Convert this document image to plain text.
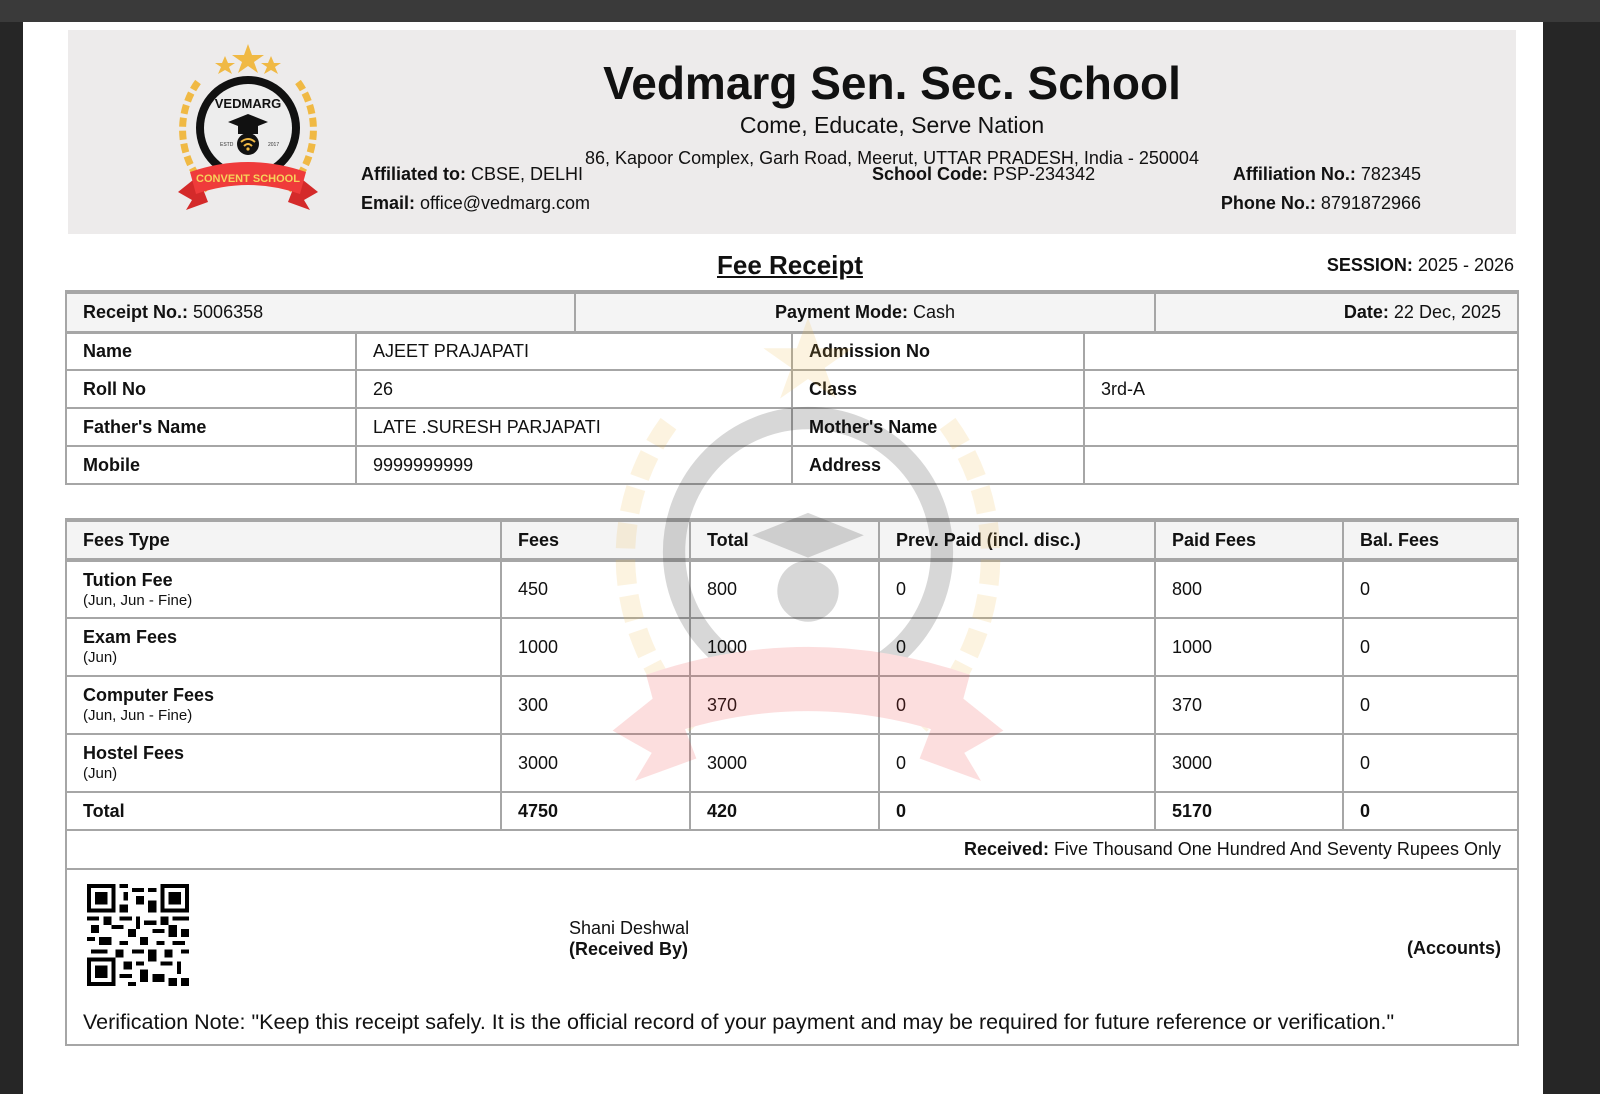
VEDMARG
ESTD	2017
CONVENT SCHOOL
Vedmarg Sen. Sec. School
Come, Educate, Serve Nation
86, Kapoor Complex, Garh Road, Meerut, UTTAR PRADESH, India - 250004
Affiliated to: CBSE, DELHI	School Code: PSP-234342	Affiliation No.: 782345
Email: office@vedmarg.com	Phone No.: 8791872966
Fee Receipt	SESSION: 2025 - 2026
Receipt No.: 5006358	Payment Mode: Cash	Date: 22 Dec, 2025
Name	AJEET PRAJAPATI	Admission No	
Roll No	26	Class	3rd-A
Father's Name	LATE .SURESH PARJAPATI	Mother's Name	
Mobile	9999999999	Address	
Fees Type	Fees	Total	Prev. Paid (incl. disc.)	Paid Fees	Bal. Fees

Tution Fee
(Jun, Jun - Fine)	450	800	0	800	0

Exam Fees
(Jun)	1000	1000	0	1000	0

Computer Fees
(Jun, Jun - Fine)	300	370	0	370	0

Hostel Fees
(Jun)	3000	3000	0	3000	0
Total	4750	420	0	5170	0
Received: Five Thousand One Hundred And Seventy Rupees Only
Shani Deshwal
(Received By)	(Accounts)
Verification Note: "Keep this receipt safely. It is the official record of your payment and may be required for future reference or verification."
